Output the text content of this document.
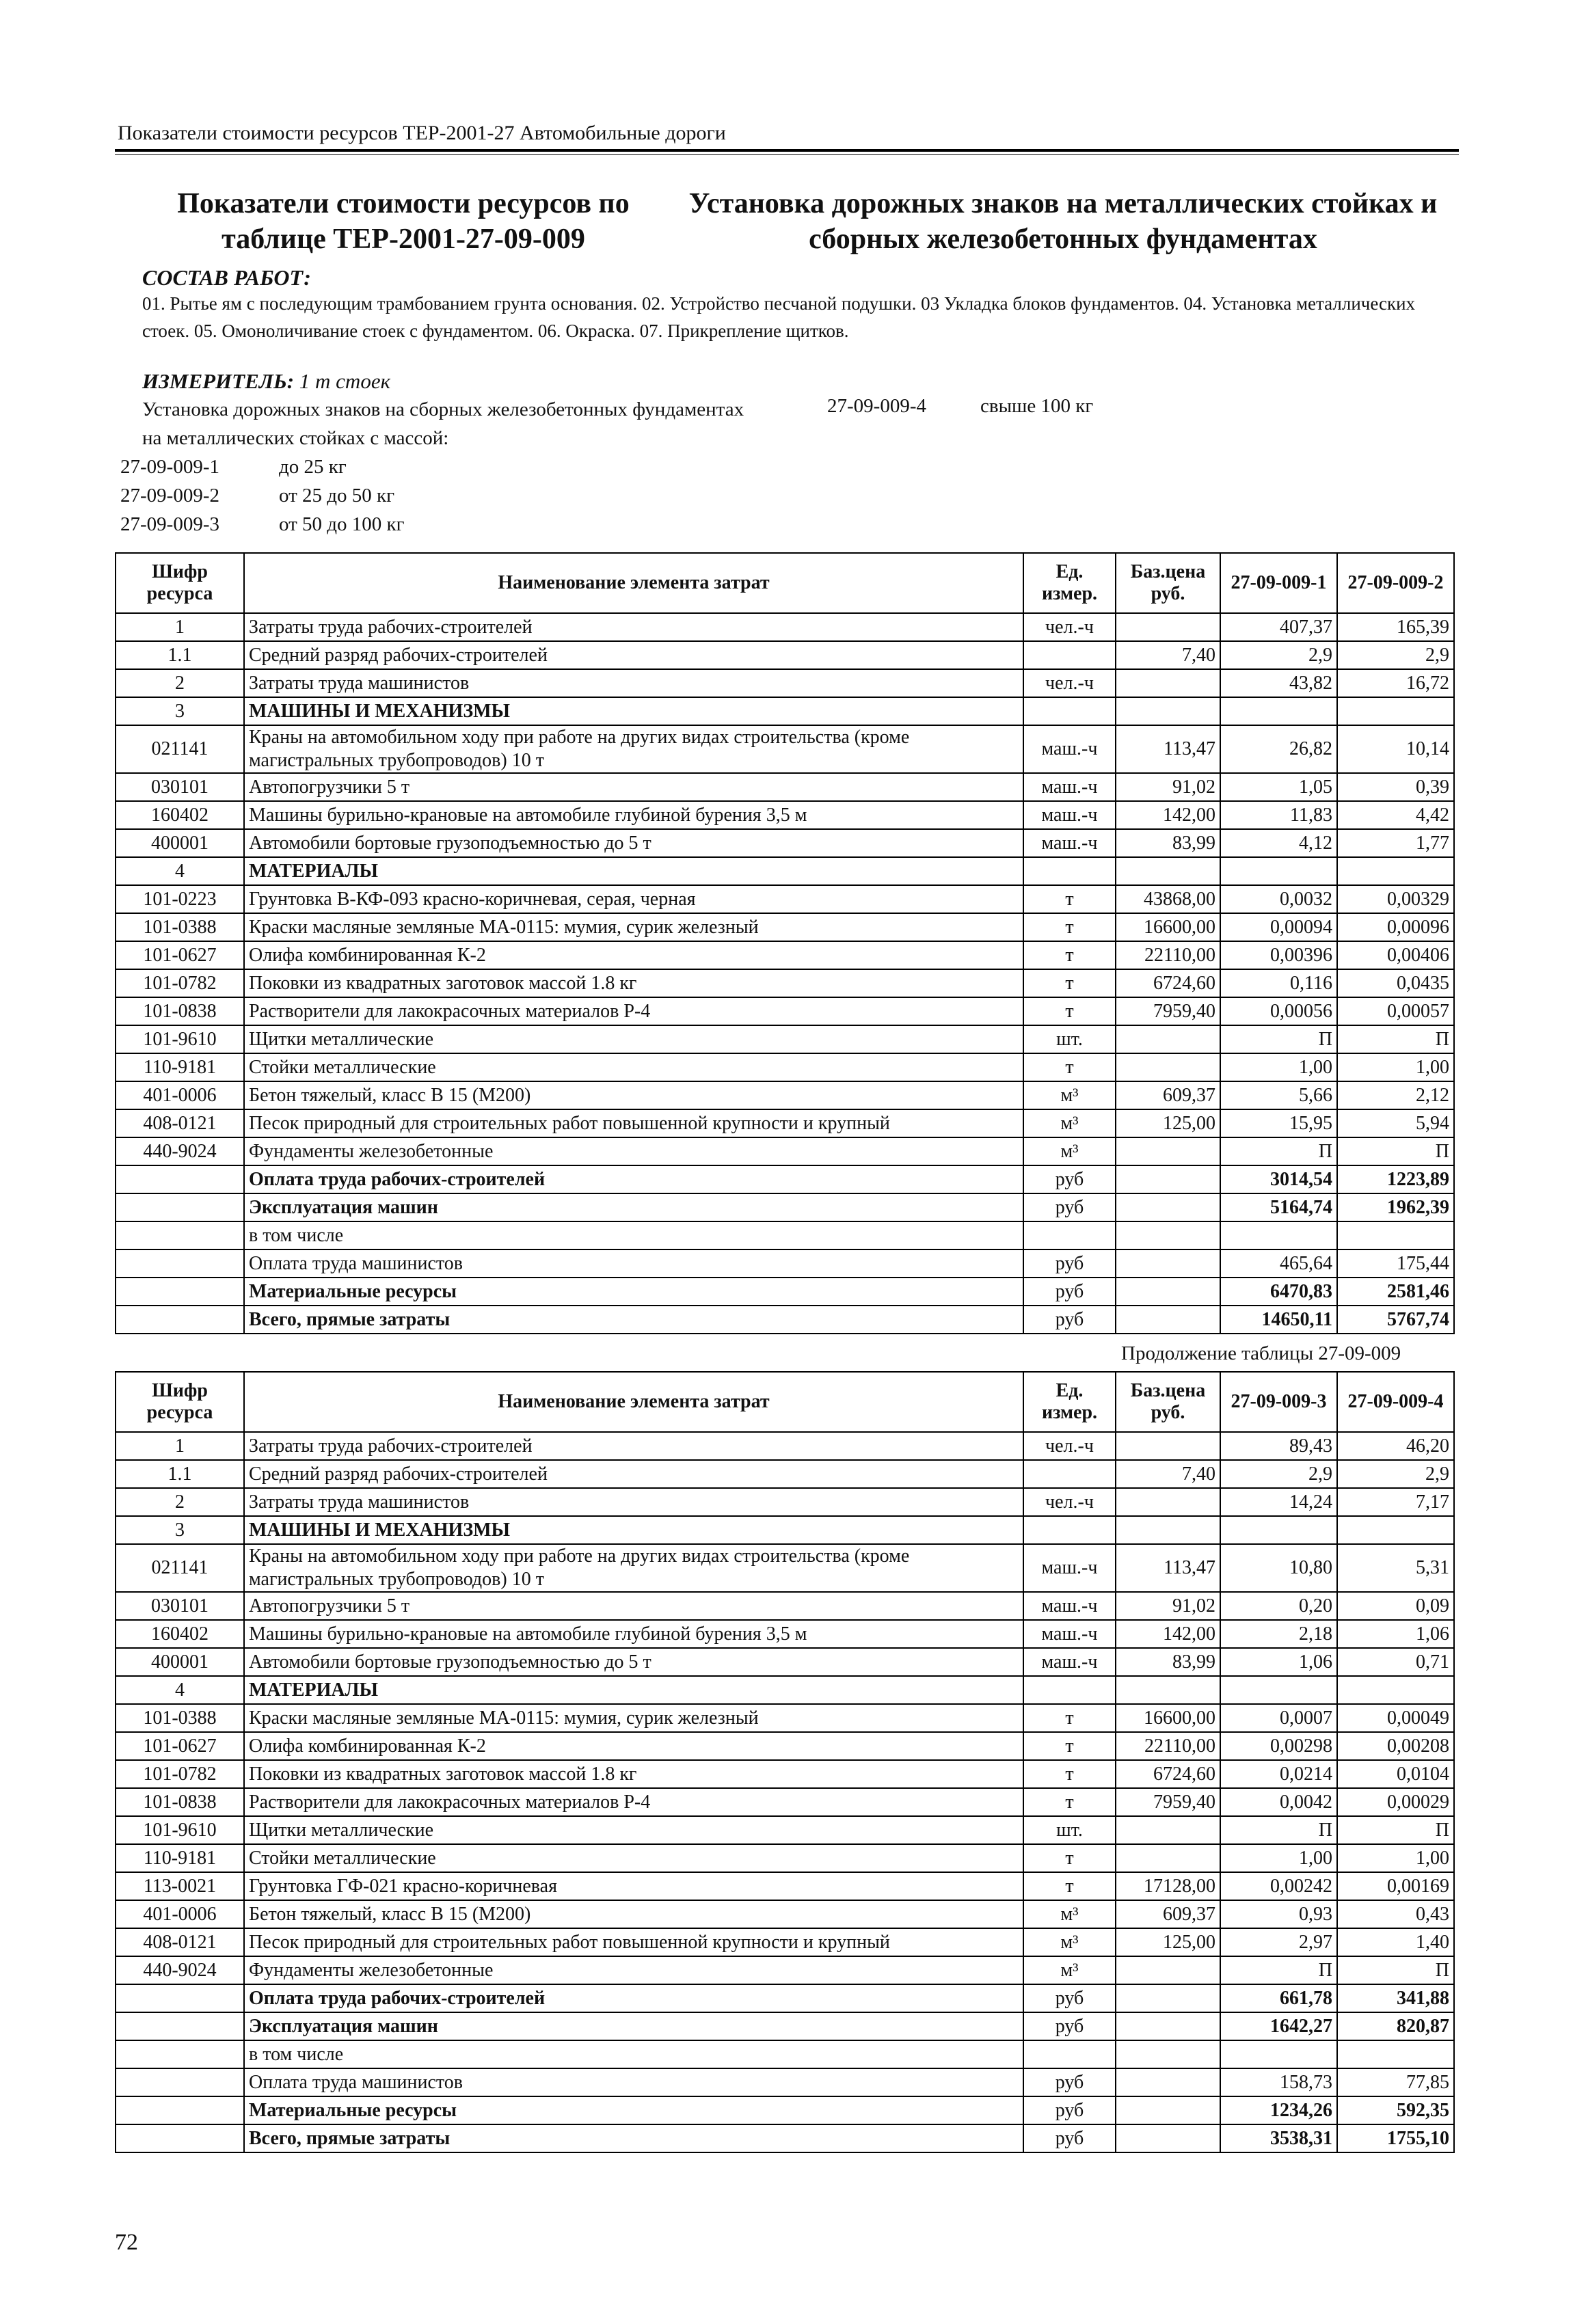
Показатели стоимости ресурсов ТЕР-2001-27 Автомобильные дороги
Показатели стоимости ресурсов по таблице ТЕР-2001-27-09-009
Установка дорожных знаков на металлических стойках и сборных железобетонных фундаментах
СОСТАВ РАБОТ:
01. Рытье ям с последующим трамбованием грунта основания. 02. Устройство песчаной подушки. 03 Укладка блоков фундаментов. 04. Установка металлических стоек. 05. Омоноличивание стоек с фундаментом. 06. Окраска. 07. Прикрепление щитков.
ИЗМЕРИТЕЛЬ: 1 т стоек
Установка дорожных знаков на сборных железобетонных фундаментах на металлических стойках с массой:
27-09-009-4	свыше 100 кг
27-09-009-1	до 25 кг
27-09-009-2	от 25 до 50 кг
27-09-009-3	от 50 до 100 кг
Шифр ресурса	Наименование элемента затрат	Ед. измер.	Баз.цена руб.	27-09-009-1	27-09-009-2
1	Затраты труда рабочих-строителей	чел.-ч		407,37	165,39
1.1	Средний разряд рабочих-строителей		7,40	2,9	2,9
2	Затраты труда машинистов	чел.-ч		43,82	16,72
3	МАШИНЫ И МЕХАНИЗМЫ				
021141	Краны на автомобильном ходу при работе на других видах строительства (кроме магистральных трубопроводов) 10 т	маш.-ч	113,47	26,82	10,14
030101	Автопогрузчики 5 т	маш.-ч	91,02	1,05	0,39
160402	Машины бурильно-крановые на автомобиле глубиной бурения 3,5 м	маш.-ч	142,00	11,83	4,42
400001	Автомобили бортовые грузоподъемностью до 5 т	маш.-ч	83,99	4,12	1,77
4	МАТЕРИАЛЫ				
101-0223	Грунтовка В-КФ-093 красно-коричневая, серая, черная	т	43868,00	0,0032	0,00329
101-0388	Краски масляные земляные МА-0115: мумия, сурик железный	т	16600,00	0,00094	0,00096
101-0627	Олифа комбинированная К-2	т	22110,00	0,00396	0,00406
101-0782	Поковки из квадратных заготовок массой 1.8 кг	т	6724,60	0,116	0,0435
101-0838	Растворители для лакокрасочных материалов Р-4	т	7959,40	0,00056	0,00057
101-9610	Щитки металлические	шт.		П	П
110-9181	Стойки металлические	т		1,00	1,00
401-0006	Бетон тяжелый, класс В 15 (М200)	м³	609,37	5,66	2,12
408-0121	Песок природный для строительных работ повышенной крупности и крупный	м³	125,00	15,95	5,94
440-9024	Фундаменты железобетонные	м³		П	П
	Оплата труда рабочих-строителей	руб		3014,54	1223,89
	Эксплуатация машин	руб		5164,74	1962,39
	в том числе				
	Оплата труда машинистов	руб		465,64	175,44
	Материальные ресурсы	руб		6470,83	2581,46
	Всего, прямые затраты	руб		14650,11	5767,74
Продолжение таблицы 27-09-009
Шифр ресурса	Наименование элемента затрат	Ед. измер.	Баз.цена руб.	27-09-009-3	27-09-009-4
1	Затраты труда рабочих-строителей	чел.-ч		89,43	46,20
1.1	Средний разряд рабочих-строителей		7,40	2,9	2,9
2	Затраты труда машинистов	чел.-ч		14,24	7,17
3	МАШИНЫ И МЕХАНИЗМЫ				
021141	Краны на автомобильном ходу при работе на других видах строительства (кроме магистральных трубопроводов) 10 т	маш.-ч	113,47	10,80	5,31
030101	Автопогрузчики 5 т	маш.-ч	91,02	0,20	0,09
160402	Машины бурильно-крановые на автомобиле глубиной бурения 3,5 м	маш.-ч	142,00	2,18	1,06
400001	Автомобили бортовые грузоподъемностью до 5 т	маш.-ч	83,99	1,06	0,71
4	МАТЕРИАЛЫ				
101-0388	Краски масляные земляные МА-0115: мумия, сурик железный	т	16600,00	0,0007	0,00049
101-0627	Олифа комбинированная К-2	т	22110,00	0,00298	0,00208
101-0782	Поковки из квадратных заготовок массой 1.8 кг	т	6724,60	0,0214	0,0104
101-0838	Растворители для лакокрасочных материалов Р-4	т	7959,40	0,0042	0,00029
101-9610	Щитки металлические	шт.		П	П
110-9181	Стойки металлические	т		1,00	1,00
113-0021	Грунтовка ГФ-021 красно-коричневая	т	17128,00	0,00242	0,00169
401-0006	Бетон тяжелый, класс В 15 (М200)	м³	609,37	0,93	0,43
408-0121	Песок природный для строительных работ повышенной крупности и крупный	м³	125,00	2,97	1,40
440-9024	Фундаменты железобетонные	м³		П	П
	Оплата труда рабочих-строителей	руб		661,78	341,88
	Эксплуатация машин	руб		1642,27	820,87
	в том числе				
	Оплата труда машинистов	руб		158,73	77,85
	Материальные ресурсы	руб		1234,26	592,35
	Всего, прямые затраты	руб		3538,31	1755,10
72
